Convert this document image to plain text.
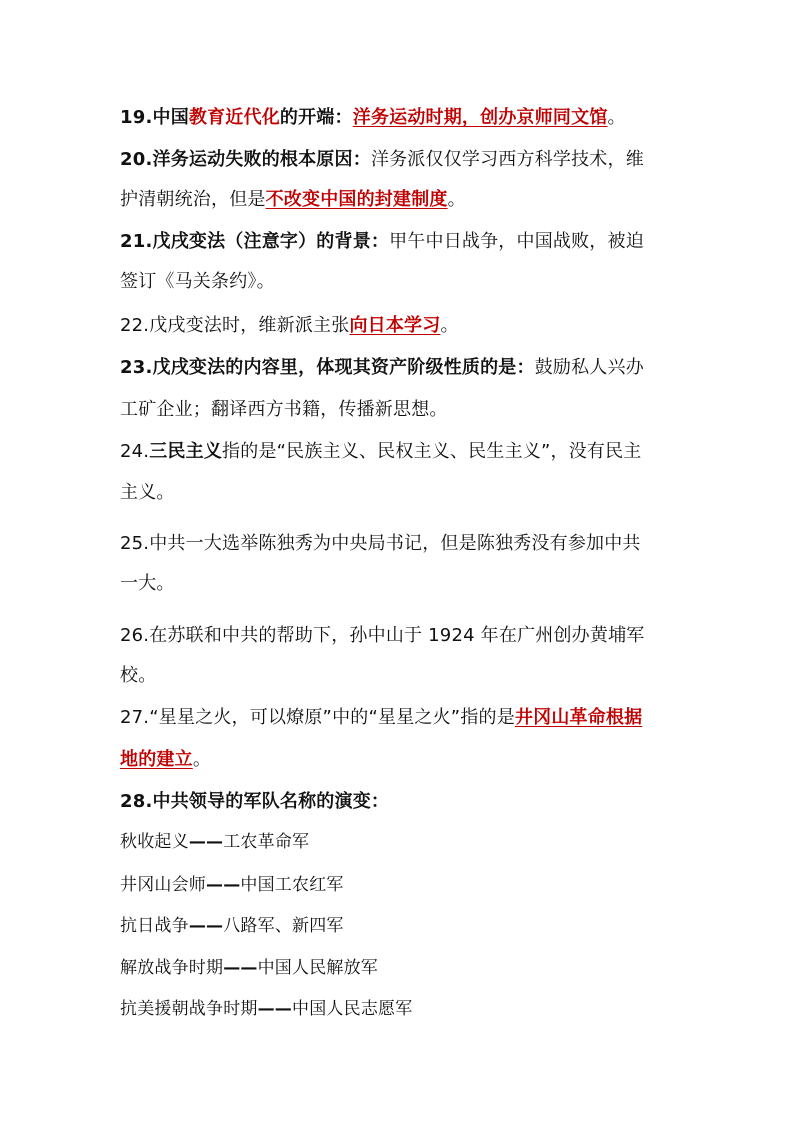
19.中国教育近代化的开端：洋务运动时期，创办京师同文馆。
20.洋务运动失败的根本原因：洋务派仅仅学习西方科学技术，维
护清朝统治，但是不改变中国的封建制度。
21.戊戌变法（注意字）的背景：甲午中日战争，中国战败，被迫
签订《马关条约》。
22.戊戌变法时，维新派主张向日本学习。
23.戊戌变法的内容里，体现其资产阶级性质的是：鼓励私人兴办
工矿企业；翻译西方书籍，传播新思想。
24.三民主义指的是“民族主义、民权主义、民生主义”，没有民主
主义。
25.中共一大选举陈独秀为中央局书记，但是陈独秀没有参加中共
一大。
26.在苏联和中共的帮助下，孙中山于 1924 年在广州创办黄埔军
校。
27.“星星之火，可以燎原”中的“星星之火”指的是井冈山革命根据
地的建立。
28.中共领导的军队名称的演变：
秋收起义——工农革命军
井冈山会师——中国工农红军
抗日战争——八路军、新四军
解放战争时期——中国人民解放军
抗美援朝战争时期——中国人民志愿军
